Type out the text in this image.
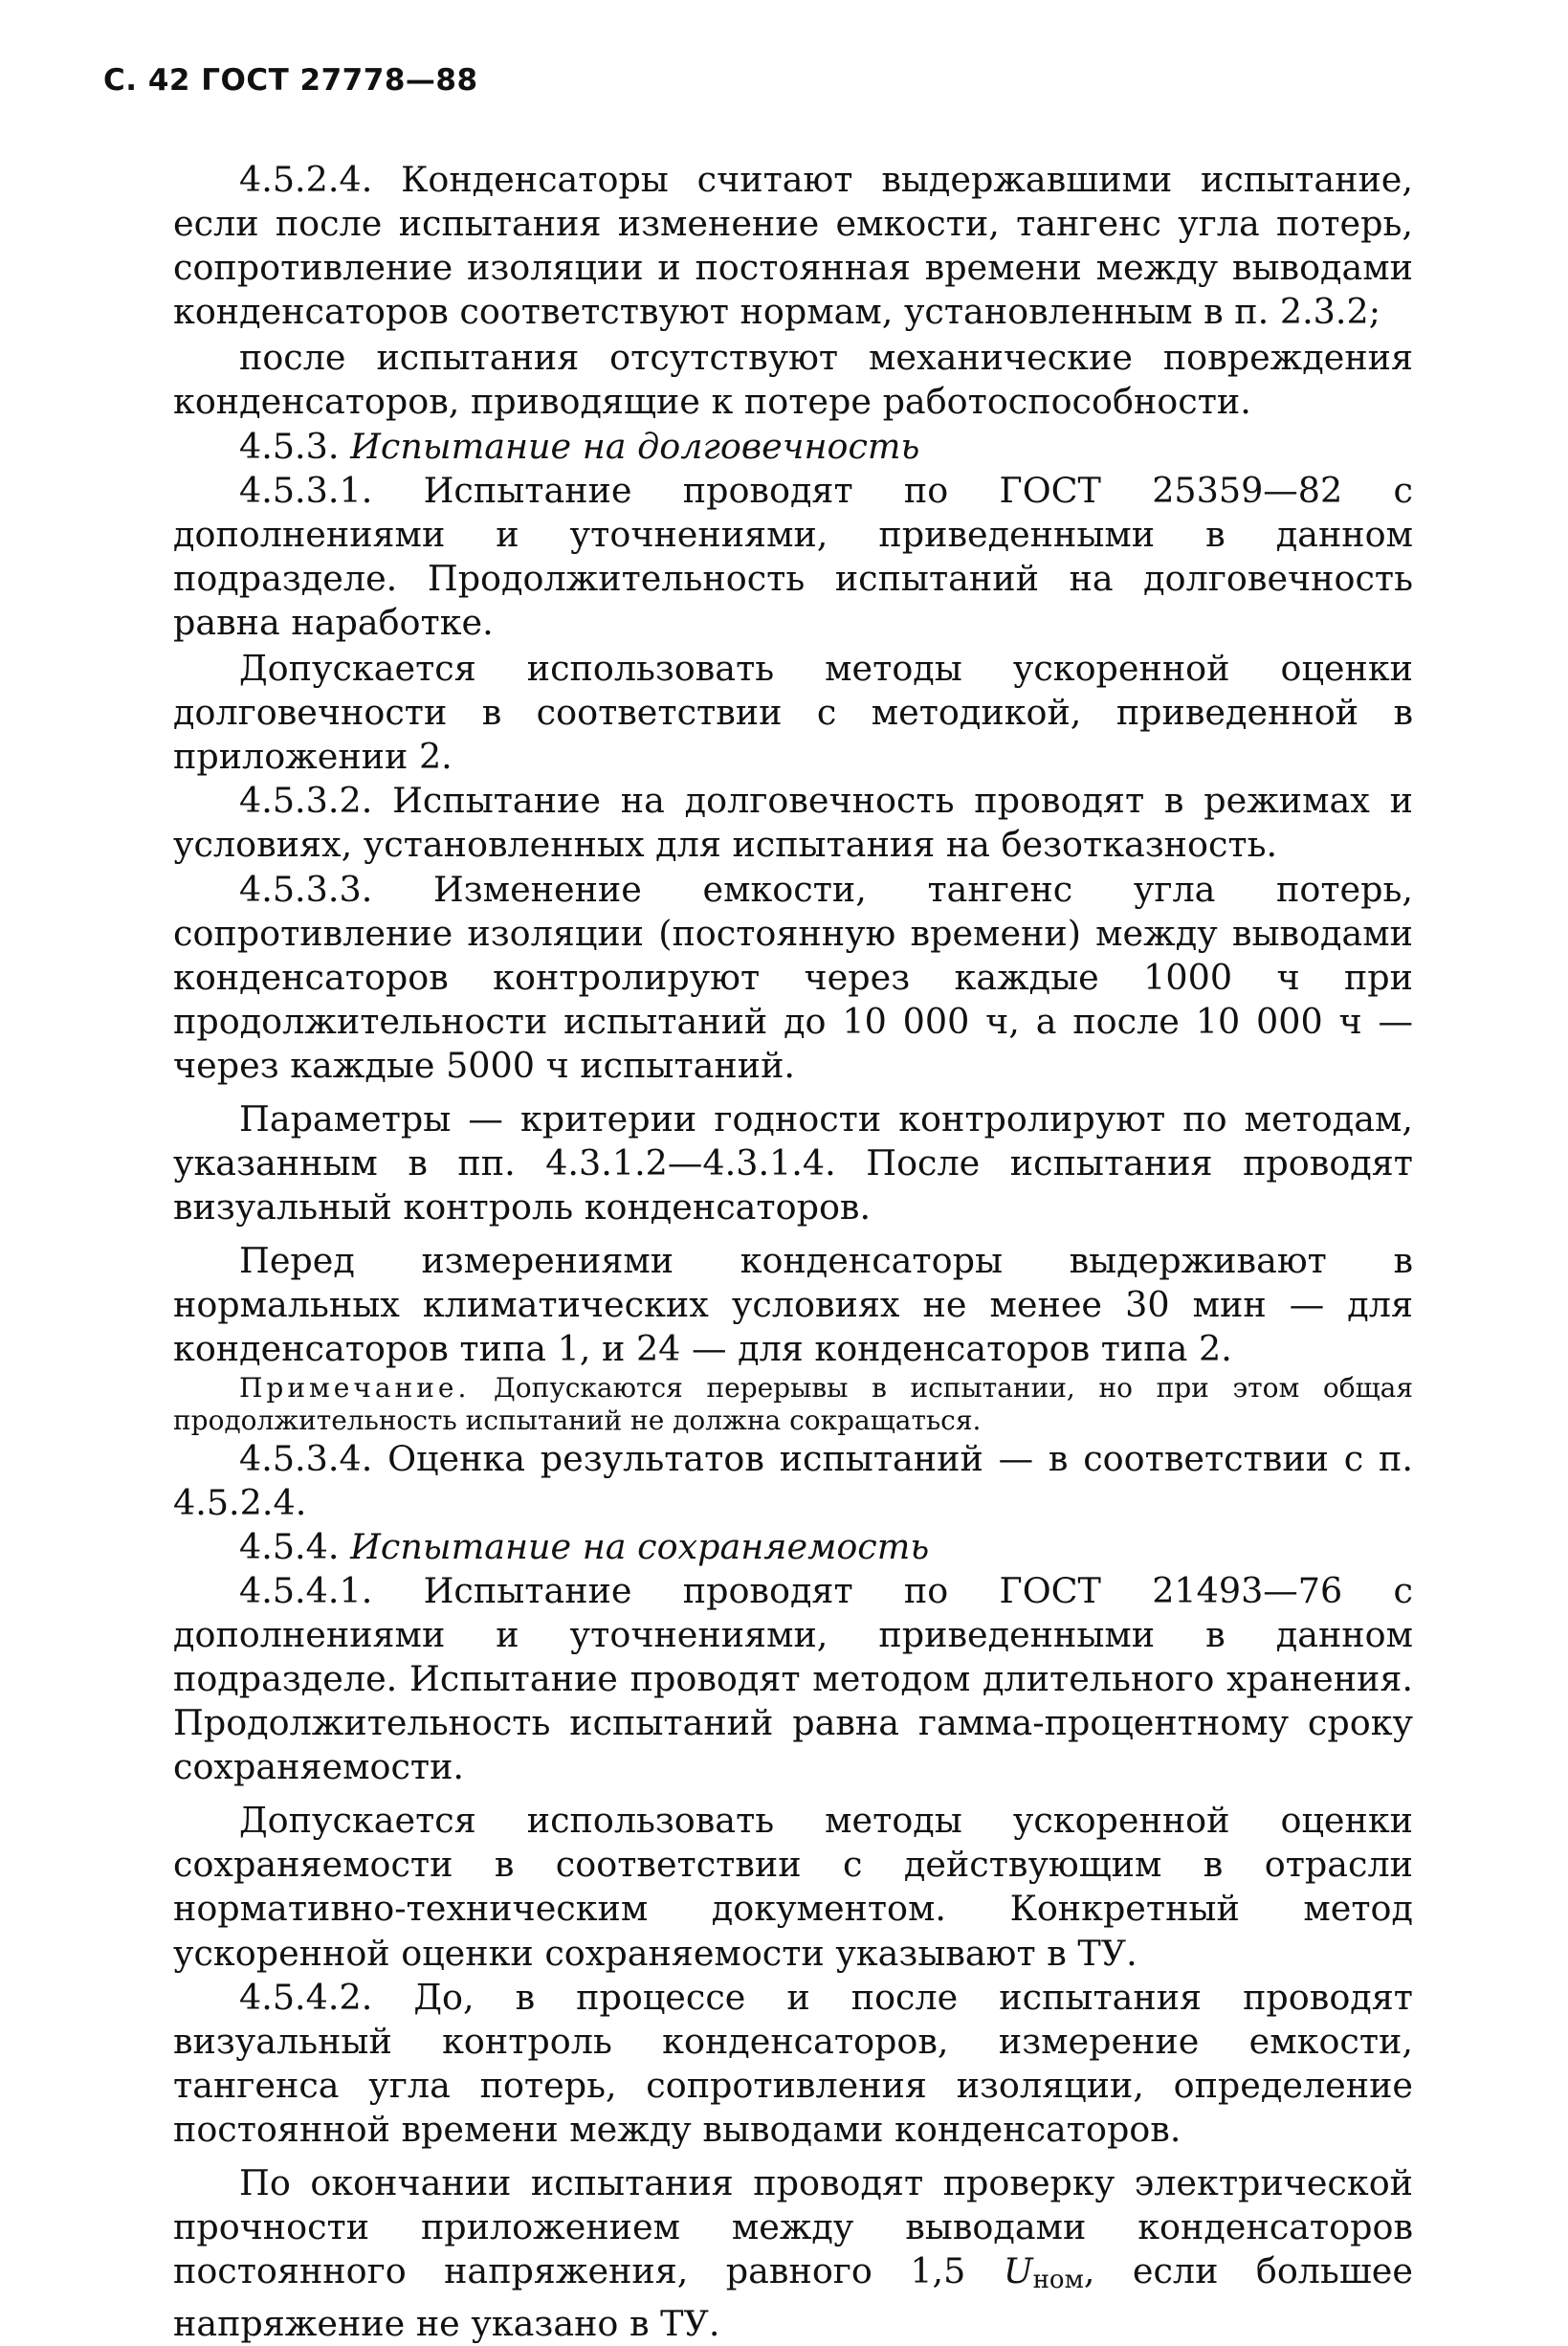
С. 42 ГОСТ 27778—88

4.5.2.4. Конденсаторы считают выдержавшими испытание, если после испытания изменение емкости, тангенс угла потерь, сопротивление изоляции и постоянная времени между выводами конденсаторов соответствуют нормам, установленным в п. 2.3.2;

после испытания отсутствуют механические повреждения конденсаторов, приводящие к потере работоспособности.

4.5.3. Испытание на долговечность

4.5.3.1. Испытание проводят по ГОСТ 25359—82 с дополнениями и уточнениями, приведенными в данном подразделе. Продолжительность испытаний на долговечность равна наработке.

Допускается использовать методы ускоренной оценки долговечности в соответствии с методикой, приведенной в приложении 2.

4.5.3.2. Испытание на долговечность проводят в режимах и условиях, установленных для испытания на безотказность.

4.5.3.3. Изменение емкости, тангенс угла потерь, сопротивление изоляции (постоянную времени) между выводами конденсаторов контролируют через каждые 1000 ч при продолжительности испытаний до 10 000 ч, а после 10 000 ч — через каждые 5000 ч испытаний.

Параметры — критерии годности контролируют по методам, указанным в пп. 4.3.1.2—4.3.1.4. После испытания проводят визуальный контроль конденсаторов.

Перед измерениями конденсаторы выдерживают в нормальных климатических условиях не менее 30 мин — для конденсаторов типа 1, и 24 — для конденсаторов типа 2.

Примечание. Допускаются перерывы в испытании, но при этом общая продолжительность испытаний не должна сокращаться.

4.5.3.4. Оценка результатов испытаний — в соответствии с п. 4.5.2.4.

4.5.4. Испытание на сохраняемость

4.5.4.1. Испытание проводят по ГОСТ 21493—76 с дополнениями и уточнениями, приведенными в данном подразделе. Испытание проводят методом длительного хранения. Продолжительность испытаний равна гамма-процентному сроку сохраняемости.

Допускается использовать методы ускоренной оценки сохраняемости в соответствии с действующим в отрасли нормативно-техническим документом. Конкретный метод ускоренной оценки сохраняемости указывают в ТУ.

4.5.4.2. До, в процессе и после испытания проводят визуальный контроль конденсаторов, измерение емкости, тангенса угла потерь, сопротивления изоляции, определение постоянной времени между выводами конденсаторов.

По окончании испытания проводят проверку электрической прочности приложением между выводами конденсаторов постоянного напряжения, равного 1,5 Uном, если большее напряжение не указано в ТУ.
